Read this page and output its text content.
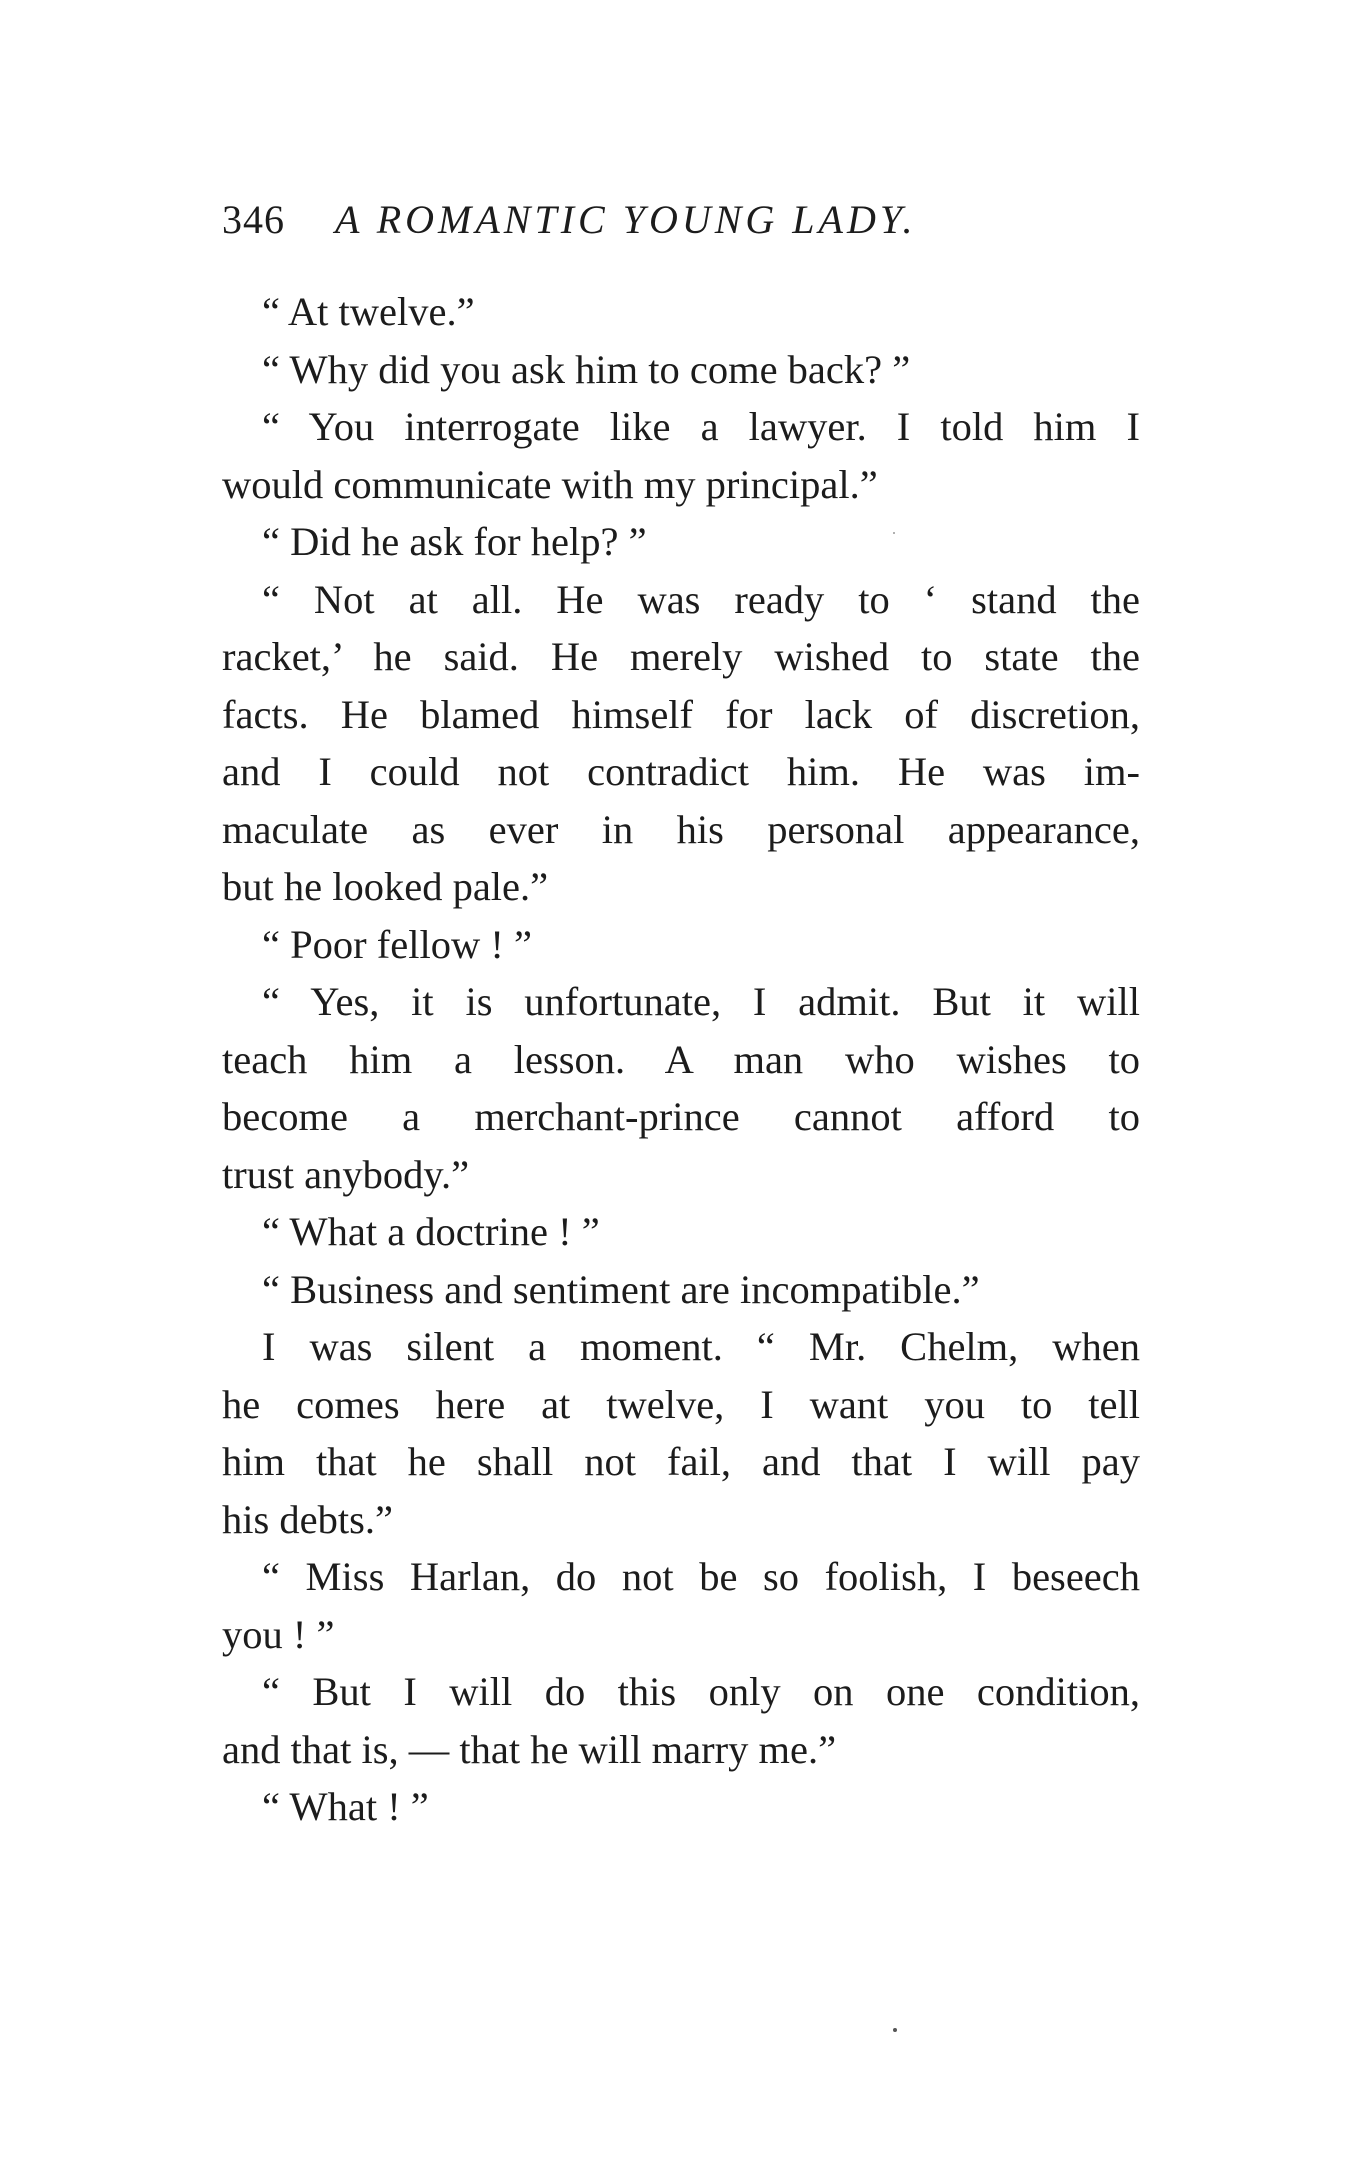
346 A ROMANTIC YOUNG LADY.
“ At twelve.”
“ Why did you ask him to come back? ”
“ You interrogate like a lawyer. I told him I
would communicate with my principal.”
“ Did he ask for help? ”
“ Not at all. He was ready to ‘ stand the
racket,’ he said. He merely wished to state the
facts. He blamed himself for lack of discretion,
and I could not contradict him. He was im-
maculate as ever in his personal appearance,
but he looked pale.”
“ Poor fellow ! ”
“ Yes, it is unfortunate, I admit. But it will
teach him a lesson. A man who wishes to
become a merchant-prince cannot afford to
trust anybody.”
“ What a doctrine ! ”
“ Business and sentiment are incompatible.”
I was silent a moment. “ Mr. Chelm, when
he comes here at twelve, I want you to tell
him that he shall not fail, and that I will pay
his debts.”
“ Miss Harlan, do not be so foolish, I beseech
you ! ”
“ But I will do this only on one condition,
and that is, — that he will marry me.”
“ What ! ”
